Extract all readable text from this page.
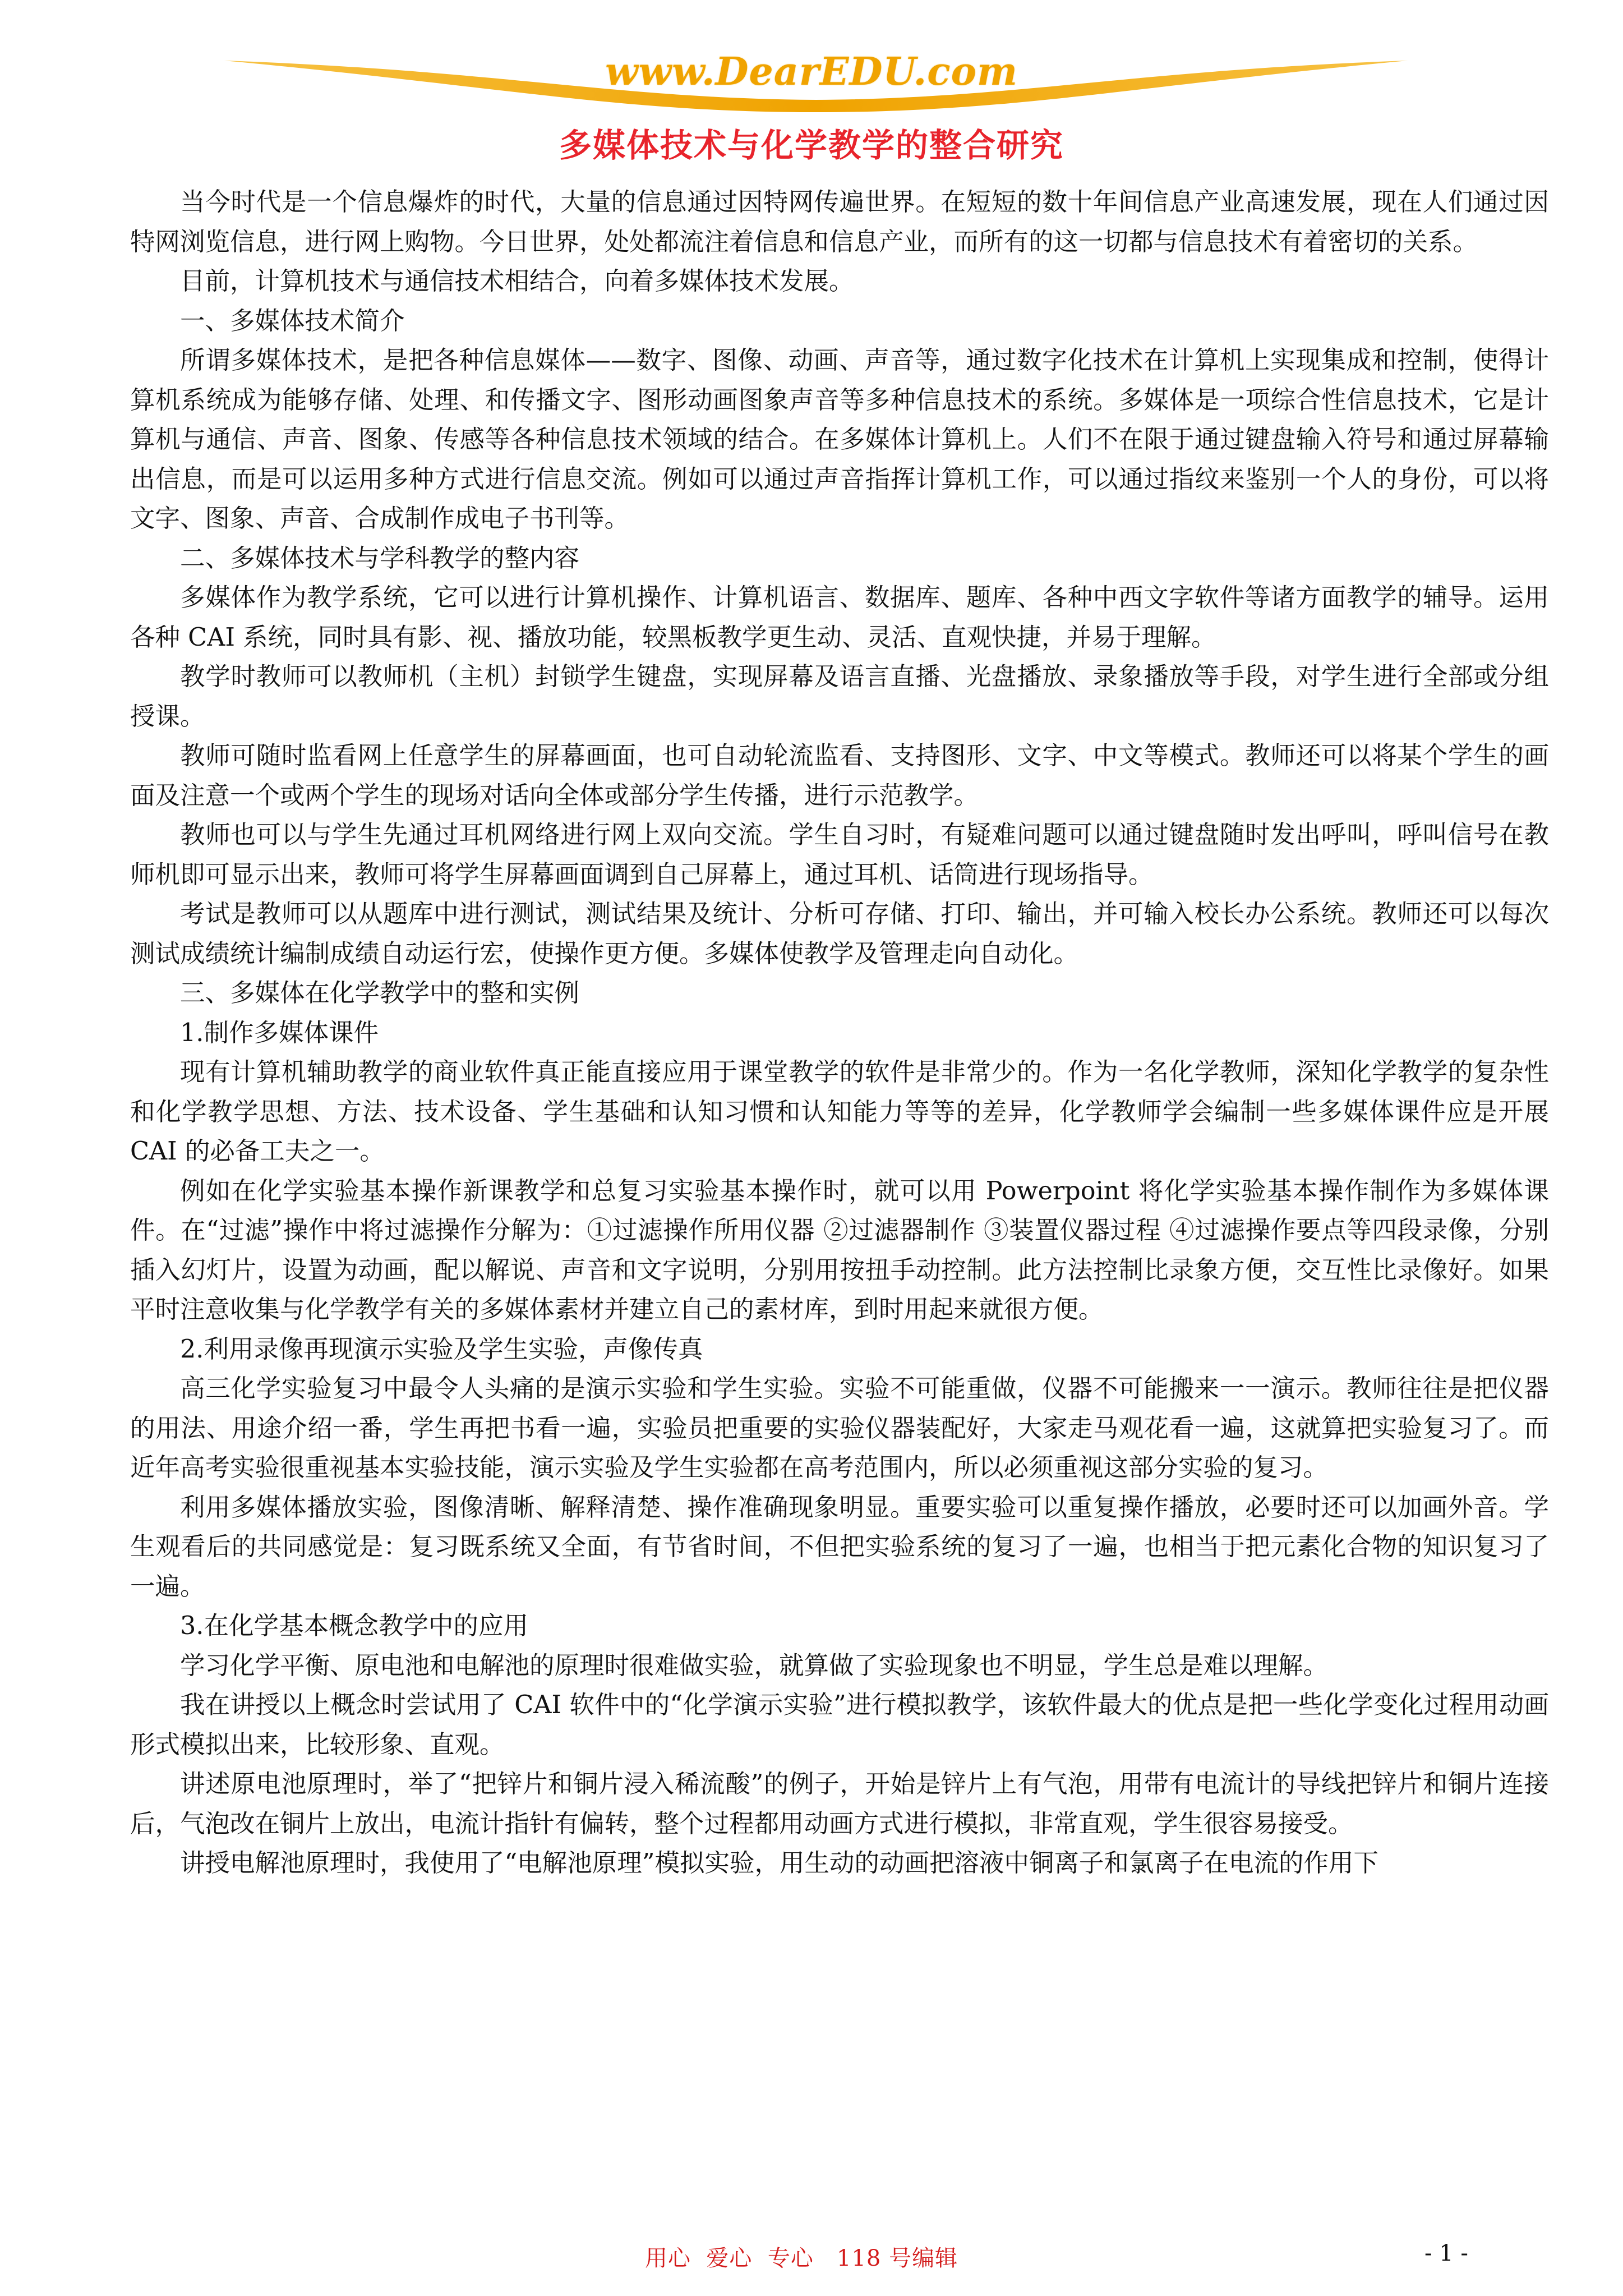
www.DearEDU.com
多媒体技术与化学教学的整合研究

当今时代是一个信息爆炸的时代，大量的信息通过因特网传遍世界。在短短的数十年间信息产业高速发展，现在人们通过因特网浏览信息，进行网上购物。今日世界，处处都流注着信息和信息产业，而所有的这一切都与信息技术有着密切的关系。

目前，计算机技术与通信技术相结合，向着多媒体技术发展。

一、多媒体技术简介

所谓多媒体技术，是把各种信息媒体——数字、图像、动画、声音等，通过数字化技术在计算机上实现集成和控制，使得计算机系统成为能够存储、处理、和传播文字、图形动画图象声音等多种信息技术的系统。多媒体是一项综合性信息技术，它是计算机与通信、声音、图象、传感等各种信息技术领域的结合。在多媒体计算机上。人们不在限于通过键盘输入符号和通过屏幕输出信息，而是可以运用多种方式进行信息交流。例如可以通过声音指挥计算机工作，可以通过指纹来鉴别一个人的身份，可以将文字、图象、声音、合成制作成电子书刊等。

二、多媒体技术与学科教学的整内容

多媒体作为教学系统，它可以进行计算机操作、计算机语言、数据库、题库、各种中西文字软件等诸方面教学的辅导。运用各种 CAI 系统，同时具有影、视、播放功能，较黑板教学更生动、灵活、直观快捷，并易于理解。

教学时教师可以教师机（主机）封锁学生键盘，实现屏幕及语言直播、光盘播放、录象播放等手段，对学生进行全部或分组授课。

教师可随时监看网上任意学生的屏幕画面，也可自动轮流监看、支持图形、文字、中文等模式。教师还可以将某个学生的画面及注意一个或两个学生的现场对话向全体或部分学生传播，进行示范教学。

教师也可以与学生先通过耳机网络进行网上双向交流。学生自习时，有疑难问题可以通过键盘随时发出呼叫，呼叫信号在教师机即可显示出来，教师可将学生屏幕画面调到自己屏幕上，通过耳机、话筒进行现场指导。

考试是教师可以从题库中进行测试，测试结果及统计、分析可存储、打印、输出，并可输入校长办公系统。教师还可以每次测试成绩统计编制成绩自动运行宏，使操作更方便。多媒体使教学及管理走向自动化。

三、多媒体在化学教学中的整和实例

1.制作多媒体课件

现有计算机辅助教学的商业软件真正能直接应用于课堂教学的软件是非常少的。作为一名化学教师，深知化学教学的复杂性和化学教学思想、方法、技术设备、学生基础和认知习惯和认知能力等等的差异，化学教师学会编制一些多媒体课件应是开展 CAI 的必备工夫之一。

例如在化学实验基本操作新课教学和总复习实验基本操作时，就可以用 Powerpoint 将化学实验基本操作制作为多媒体课件。在“过滤”操作中将过滤操作分解为：①过滤操作所用仪器 ②过滤器制作 ③装置仪器过程 ④过滤操作要点等四段录像，分别插入幻灯片，设置为动画，配以解说、声音和文字说明，分别用按扭手动控制。此方法控制比录象方便，交互性比录像好。如果平时注意收集与化学教学有关的多媒体素材并建立自己的素材库，到时用起来就很方便。

2.利用录像再现演示实验及学生实验，声像传真

高三化学实验复习中最令人头痛的是演示实验和学生实验。实验不可能重做，仪器不可能搬来一一演示。教师往往是把仪器的用法、用途介绍一番，学生再把书看一遍，实验员把重要的实验仪器装配好，大家走马观花看一遍，这就算把实验复习了。而近年高考实验很重视基本实验技能，演示实验及学生实验都在高考范围内，所以必须重视这部分实验的复习。

利用多媒体播放实验，图像清晰、解释清楚、操作准确现象明显。重要实验可以重复操作播放，必要时还可以加画外音。学生观看后的共同感觉是：复习既系统又全面，有节省时间，不但把实验系统的复习了一遍，也相当于把元素化合物的知识复习了一遍。

3.在化学基本概念教学中的应用

学习化学平衡、原电池和电解池的原理时很难做实验，就算做了实验现象也不明显，学生总是难以理解。

我在讲授以上概念时尝试用了 CAI 软件中的“化学演示实验”进行模拟教学，该软件最大的优点是把一些化学变化过程用动画形式模拟出来，比较形象、直观。

讲述原电池原理时，举了“把锌片和铜片浸入稀流酸”的例子，开始是锌片上有气泡，用带有电流计的导线把锌片和铜片连接后，气泡改在铜片上放出，电流计指针有偏转，整个过程都用动画方式进行模拟，非常直观，学生很容易接受。

讲授电解池原理时，我使用了“电解池原理”模拟实验，用生动的动画把溶液中铜离子和氯离子在电流的作用下

用心  爱心  专心   118 号编辑	- 1 -
